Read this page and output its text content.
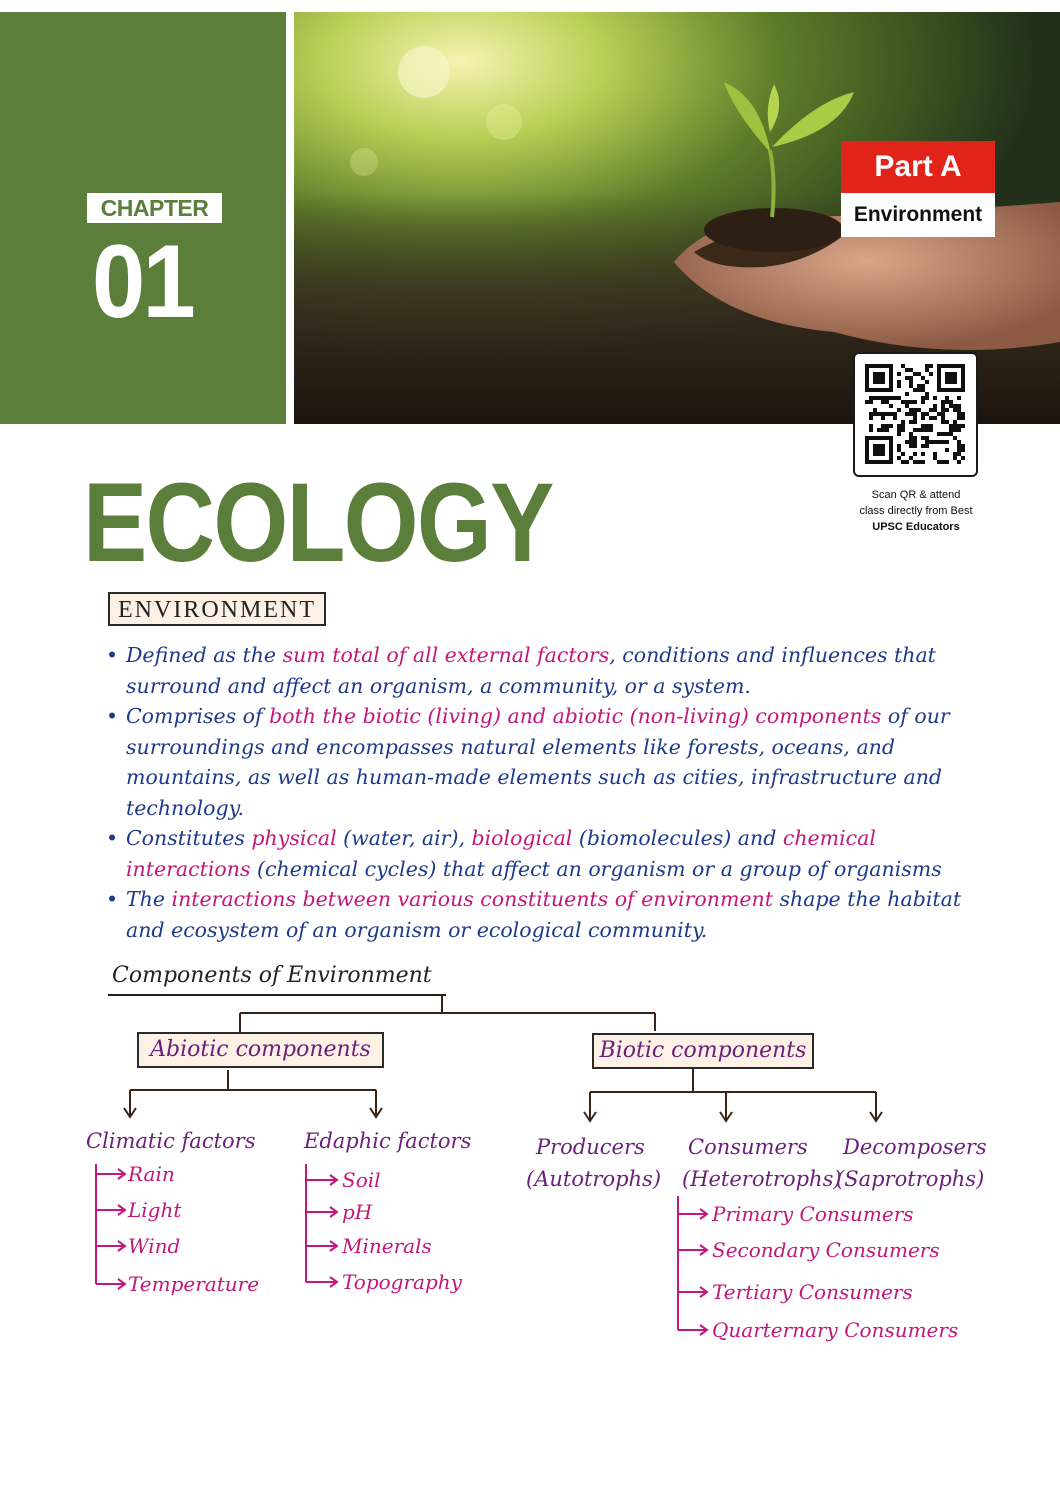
CHAPTER
01
Part A
Environment
Scan QR & attend
class directly from Best
UPSC Educators
ECOLOGY
ENVIRONMENT
• Defined as the sum total of all external factors, conditions and influences that surround and affect an organism, a community, or a system.
• Comprises of both the biotic (living) and abiotic (non-living) components of our surroundings and encompasses natural elements like forests, oceans, and mountains, as well as human-made elements such as cities, infrastructure and technology.
• Constitutes physical (water, air), biological (biomolecules) and chemical interactions (chemical cycles) that affect an organism or a group of organisms
• The interactions between various constituents of environment shape the habitat and ecosystem of an organism or ecological community.
Components of Environment
Abiotic components	Biotic components
Climatic factors Edaphic factors
Rain
Light
Wind
Temperature
Soil
pH
Minerals
Topography
Producers
(Autotrophs)
Consumers
(Heterotrophs)
Decomposers
(Saprotrophs)
Primary Consumers
Secondary Consumers
Tertiary Consumers
Quarternary Consumers
